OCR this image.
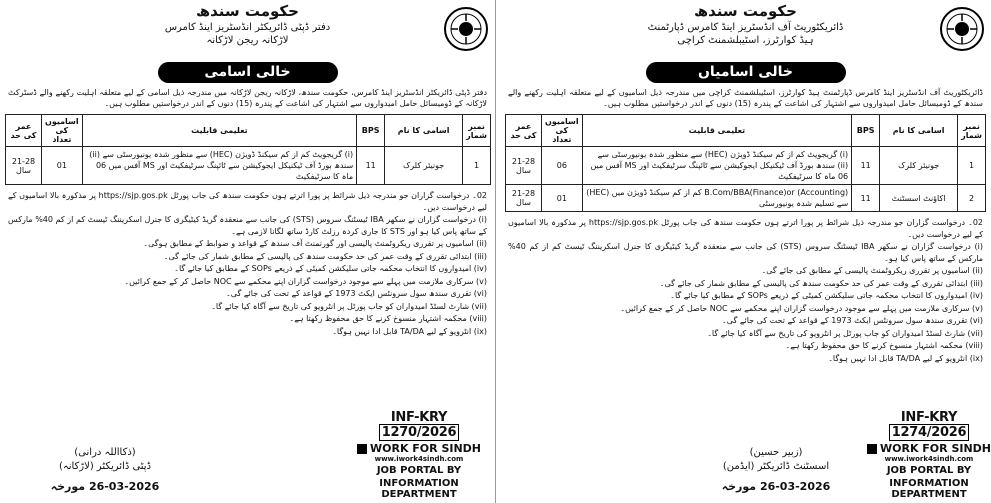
حکومت سندھ
دفتر ڈپٹی ڈائریکٹر انڈسٹریز اینڈ کامرس
لاڑکانہ ریجن لاڑکانہ
خالی اسامی
دفتر ڈپٹی ڈائریکٹر انڈسٹریز اینڈ کامرس، حکومت سندھ، لاڑکانہ ریجن لاڑکانہ میں مندرجہ ذیل اسامی کے لیے متعلقہ اہلیت رکھنے والے ڈسٹرکٹ لاڑکانہ کے ڈومیسائل حامل امیدواروں سے اشتہار کی اشاعت کے پندرہ (15) دنوں کے اندر درخواستیں مطلوب ہیں۔
نمبر شمار	اسامی کا نام	BPS	تعلیمی قابلیت	اسامیوں کی تعداد	عمر کی حد
1	جونیئر کلرک	11	(i) گریجویٹ کم از کم سیکنڈ ڈویژن (HEC) سے منظور شدہ یونیورسٹی سے (ii) سندھ بورڈ آف ٹیکنیکل ایجوکیشن سے ٹائپنگ سرٹیفکیٹ اور MS آفس میں 06 ماہ کا سرٹیفکیٹ	01	21-28 سال

02۔ درخواست گزاران جو مندرجہ ذیل شرائط پر پورا اترتے ہوں حکومت سندھ کی جاب پورٹل https://sjp.gos.pk پر مذکورہ بالا اسامیوں کے لیے درخواست دیں۔

(i) درخواست گزاران نے سکھر IBA ٹیسٹنگ سروس (STS) کی جانب سے منعقدہ گریڈ کیٹیگری کا جنرل اسکریننگ ٹیسٹ کم از کم 40% مارکس کے ساتھ پاس کیا ہو اور STS کا جاری کردہ رزلٹ کارڈ ساتھ لگانا لازمی ہے۔

(ii) اسامیوں پر تقرری ریکروٹمنٹ پالیسی اور گورنمنٹ آف سندھ کے قواعد و ضوابط کے مطابق ہوگی۔

(iii) ابتدائی تقرری کے وقت عمر کی حد حکومت سندھ کی پالیسی کے مطابق شمار کی جائے گی۔

(iv) امیدواروں کا انتخاب محکمہ جاتی سلیکشن کمیٹی کے ذریعے SOPs کے مطابق کیا جائے گا۔

(v) سرکاری ملازمت میں پہلے سے موجود درخواست گزاران اپنے محکمے سے NOC حاصل کر کے جمع کرائیں۔

(vi) تقرری سندھ سول سرونٹس ایکٹ 1973 کے قواعد کے تحت کی جائے گی۔

(vii) شارٹ لسٹڈ امیدواران کو جاب پورٹل پر انٹرویو کی تاریخ سے آگاہ کیا جائے گا۔

(viii) محکمہ اشتہار منسوخ کرنے کا حق محفوظ رکھتا ہے۔

(ix) انٹرویو کے لیے TA/DA قابل ادا نہیں ہوگا۔

(ذکااللہ درانی)
ڈپٹی ڈائریکٹر (لاڑکانہ)
26-03-2026 مورخہ
INF-KRY 1270/2026
WORK FOR SINDH
www.iwork4sindh.com
JOB PORTAL BY
INFORMATION DEPARTMENT
حکومت سندھ
ڈائریکٹوریٹ آف انڈسٹریز اینڈ کامرس ڈپارٹمنٹ
ہیڈ کوارٹرز، اسٹیبلشمنٹ کراچی
خالی اسامیاں
ڈائریکٹوریٹ آف انڈسٹریز اینڈ کامرس ڈپارٹمنٹ ہیڈ کوارٹرز، اسٹیبلشمنٹ کراچی میں مندرجہ ذیل اسامیوں کے لیے متعلقہ اہلیت رکھنے والے سندھ کے ڈومیسائل حامل امیدواروں سے اشتہار کی اشاعت کے پندرہ (15) دنوں کے اندر درخواستیں مطلوب ہیں۔
نمبر شمار	اسامی کا نام	BPS	تعلیمی قابلیت	اسامیوں کی تعداد	عمر کی حد
1	جونیئر کلرک	11	(i) گریجویٹ کم از کم سیکنڈ ڈویژن (HEC) سے منظور شدہ یونیورسٹی سے (ii) سندھ بورڈ آف ٹیکنیکل ایجوکیشن سے ٹائپنگ سرٹیفکیٹ اور MS آفس میں 06 ماہ کا سرٹیفکیٹ	06	21-28 سال
2	اکاؤنٹ اسسٹنٹ	11	B.Com/BBA(Finance)or (Accounting) کم از کم سیکنڈ ڈویژن میں (HEC) سے تسلیم شدہ یونیورسٹی	01	21-28 سال

02۔ درخواست گزاران جو مندرجہ ذیل شرائط پر پورا اترتے ہوں حکومت سندھ کی جاب پورٹل https://sjp.gos.pk پر مذکورہ بالا اسامیوں کے لیے درخواست دیں۔

(i) درخواست گزاران نے سکھر IBA ٹیسٹنگ سروس (STS) کی جانب سے منعقدہ گریڈ کیٹیگری کا جنرل اسکریننگ ٹیسٹ کم از کم 40% مارکس کے ساتھ پاس کیا ہو۔

(ii) اسامیوں پر تقرری ریکروٹمنٹ پالیسی کے مطابق کی جائے گی۔

(iii) ابتدائی تقرری کے وقت عمر کی حد حکومت سندھ کی پالیسی کے مطابق شمار کی جائے گی۔

(iv) امیدواروں کا انتخاب محکمہ جاتی سلیکشن کمیٹی کے ذریعے SOPs کے مطابق کیا جائے گا۔

(v) سرکاری ملازمت میں پہلے سے موجود درخواست گزاران اپنے محکمے سے NOC حاصل کر کے جمع کرائیں۔

(vi) تقرری سندھ سول سرونٹس ایکٹ 1973 کے قواعد کے تحت کی جائے گی۔

(vii) شارٹ لسٹڈ امیدواران کو جاب پورٹل پر انٹرویو کی تاریخ سے آگاہ کیا جائے گا۔

(viii) محکمہ اشتہار منسوخ کرنے کا حق محفوظ رکھتا ہے۔

(ix) انٹرویو کے لیے TA/DA قابل ادا نہیں ہوگا۔

(زبیر حسین)
اسسٹنٹ ڈائریکٹر (ایڈمن)
26-03-2026 مورخہ
INF-KRY 1274/2026
WORK FOR SINDH
www.iwork4sindh.com
JOB PORTAL BY
INFORMATION DEPARTMENT
